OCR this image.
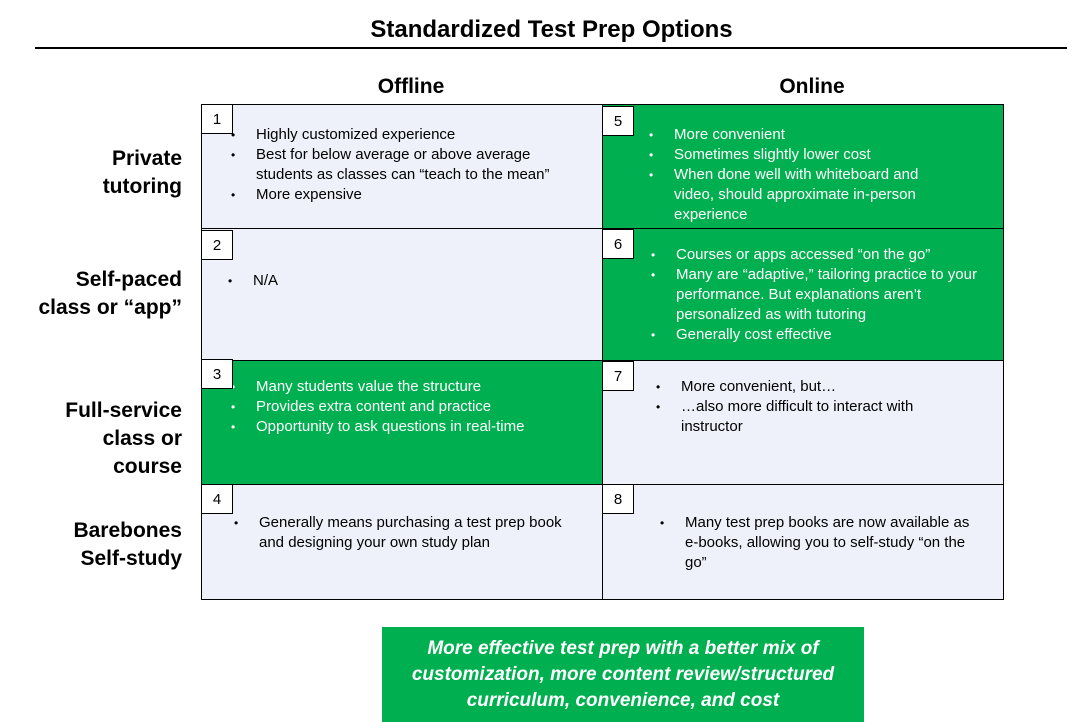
Standardized Test Prep Options
Offline	Online
Private
tutoring
Self-paced
class or “app”
Full-service
class or
course
Barebones
Self-study
• Highly customized experience
• Best for below average or above average students as classes can “teach to the mean”
• More expensive
• N/A
• Many students value the structure
• Provides extra content and practice
• Opportunity to ask questions in real-time
• Generally means purchasing a test prep book and designing your own study plan
• More convenient
• Sometimes slightly lower cost
• When done well with whiteboard and video, should approximate in-person experience
• Courses or apps accessed “on the go”
• Many are “adaptive,” tailoring practice to your performance. But explanations aren’t personalized as with tutoring
• Generally cost effective
• More convenient, but…
• …also more difficult to interact with instructor
• Many test prep books are now available as e-books, allowing you to self-study “on the go”
1
2
3
4
5
6
7
8
More effective test prep with a better mix of customization, more content review/structured curriculum, convenience, and cost
